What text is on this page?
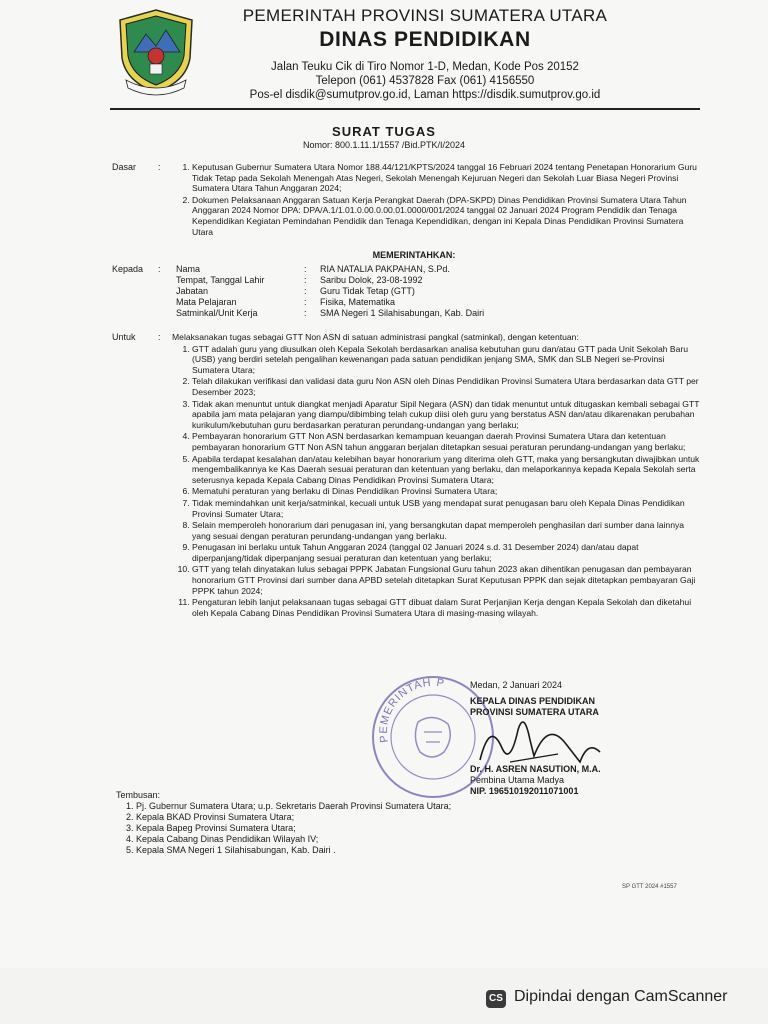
PEMERINTAH PROVINSI SUMATERA UTARA
DINAS PENDIDIKAN
Jalan Teuku Cik di Tiro Nomor 1-D, Medan, Kode Pos 20152
Telepon (061) 4537828 Fax (061) 4156550
Pos-el disdik@sumutprov.go.id, Laman https://disdik.sumutprov.go.id
SURAT TUGAS
Nomor: 800.1.11.1/1557 /Bid.PTK/I/2024
Dasar :
1.	Keputusan Gubernur Sumatera Utara Nomor 188.44/121/KPTS/2024 tanggal 16 Februari 2024 tentang Penetapan Honorarium Guru Tidak Tetap pada Sekolah Menengah Atas Negeri, Sekolah Menengah Kejuruan Negeri dan Sekolah Luar Biasa Negeri Provinsi Sumatera Utara Tahun Anggaran 2024;
2. Dokumen Pelaksanaan Anggaran Satuan Kerja Perangkat Daerah (DPA-SKPD) Dinas Pendidikan Provinsi Sumatera Utara Tahun Anggaran 2024 Nomor DPA: DPA/A.1/1.01.0.00.0.00.01.0000/001/2024 tanggal 02 Januari 2024 Program Pendidik dan Tenaga Kependidikan Kegiatan Pemindahan Pendidik dan Tenaga Kependidikan, dengan ini Kepala Dinas Pendidikan Provinsi Sumatera Utara
MEMERINTAHKAN:
Kepada : Nama	: RIA NATALIA PAKPAHAN, S.Pd.
Tempat, Tanggal Lahir	: Saribu Dolok, 23-08-1992
Jabatan	: Guru Tidak Tetap (GTT)
Mata Pelajaran	: Fisika, Matematika
Satminkal/Unit Kerja	: SMA Negeri 1 Silahisabungan, Kab. Dairi
Untuk : Melaksanakan tugas sebagai GTT Non ASN di satuan administrasi pangkal (satminkal), dengan ketentuan:
1. GTT adalah guru yang diusulkan oleh Kepala Sekolah berdasarkan analisa kebutuhan guru dan/atau GTT pada Unit Sekolah Baru (USB) yang berdiri setelah pengalihan kewenangan pada satuan pendidikan jenjang SMA, SMK dan SLB Negeri se-Provinsi Sumatera Utara;
2. Telah dilakukan verifikasi dan validasi data guru Non ASN oleh Dinas Pendidikan Provinsi Sumatera Utara berdasarkan data GTT per Desember 2023;
3. Tidak akan menuntut untuk diangkat menjadi Aparatur Sipil Negara (ASN) dan tidak menuntut untuk ditugaskan kembali sebagai GTT apabila jam mata pelajaran yang diampu/dibimbing telah cukup diisi oleh guru yang berstatus ASN dan/atau dikarenakan perubahan kurikulum/kebutuhan guru berdasarkan peraturan perundang-undangan yang berlaku;
4. Pembayaran honorarium GTT Non ASN berdasarkan kemampuan keuangan daerah Provinsi Sumatera Utara dan ketentuan pembayaran honorarium GTT Non ASN tahun anggaran berjalan ditetapkan sesuai peraturan perundang-undangan yang berlaku;
5. Apabila terdapat kesalahan dan/atau kelebihan bayar honorarium yang diterima oleh GTT, maka yang bersangkutan diwajibkan untuk mengembalikannya ke Kas Daerah sesuai peraturan dan ketentuan yang berlaku, dan melaporkannya kepada Kepala Sekolah serta seterusnya kepada Kepala Cabang Dinas Pendidikan Provinsi Sumatera Utara;
6. Mematuhi peraturan yang berlaku di Dinas Pendidikan Provinsi Sumatera Utara;
7. Tidak memindahkan unit kerja/satminkal, kecuali untuk USB yang mendapat surat penugasan baru oleh Kepala Dinas Pendidikan Provinsi Sumater Utara;
8. Selain memperoleh honorarium dari penugasan ini, yang bersangkutan dapat memperoleh penghasilan dari sumber dana lainnya yang sesuai dengan peraturan perundang-undangan yang berlaku.
9. Penugasan ini berlaku untuk Tahun Anggaran 2024 (tanggal 02 Januari 2024 s.d. 31 Desember 2024) dan/atau dapat diperpanjang/tidak diperpanjang sesuai peraturan dan ketentuan yang berlaku;
10. GTT yang telah dinyatakan lulus sebagai PPPK Jabatan Fungsional Guru tahun 2023 akan dihentikan penugasan dan pembayaran honorarium GTT Provinsi dari sumber dana APBD setelah ditetapkan Surat Keputusan PPPK dan sejak ditetapkan pembayaran Gaji PPPK tahun 2024;
11. Pengaturan lebih lanjut pelaksanaan tugas sebagai GTT dibuat dalam Surat Perjanjian Kerja dengan Kepala Sekolah dan diketahui oleh Kepala Cabang Dinas Pendidikan Provinsi Sumatera Utara di masing-masing wilayah.
PEMERINTAH P	Medan, 2 Januari 2024
KEPALA DINAS PENDIDIKAN
PROVINSI SUMATERA UTARA
Dr. H. ASREN NASUTION, M.A.
Pembina Utama Madya
NIP. 196510192011071001
Tembusan:
1. Pj. Gubernur Sumatera Utara; u.p. Sekretaris Daerah Provinsi Sumatera Utara;
2. Kepala BKAD Provinsi Sumatera Utara;
3. Kepala Bapeg Provinsi Sumatera Utara;
4. Kepala Cabang Dinas Pendidikan Wilayah IV;
5. Kepala SMA Negeri 1 Silahisabungan, Kab. Dairi .
SP GTT 2024 #1557
CS Dipindai dengan CamScanner
